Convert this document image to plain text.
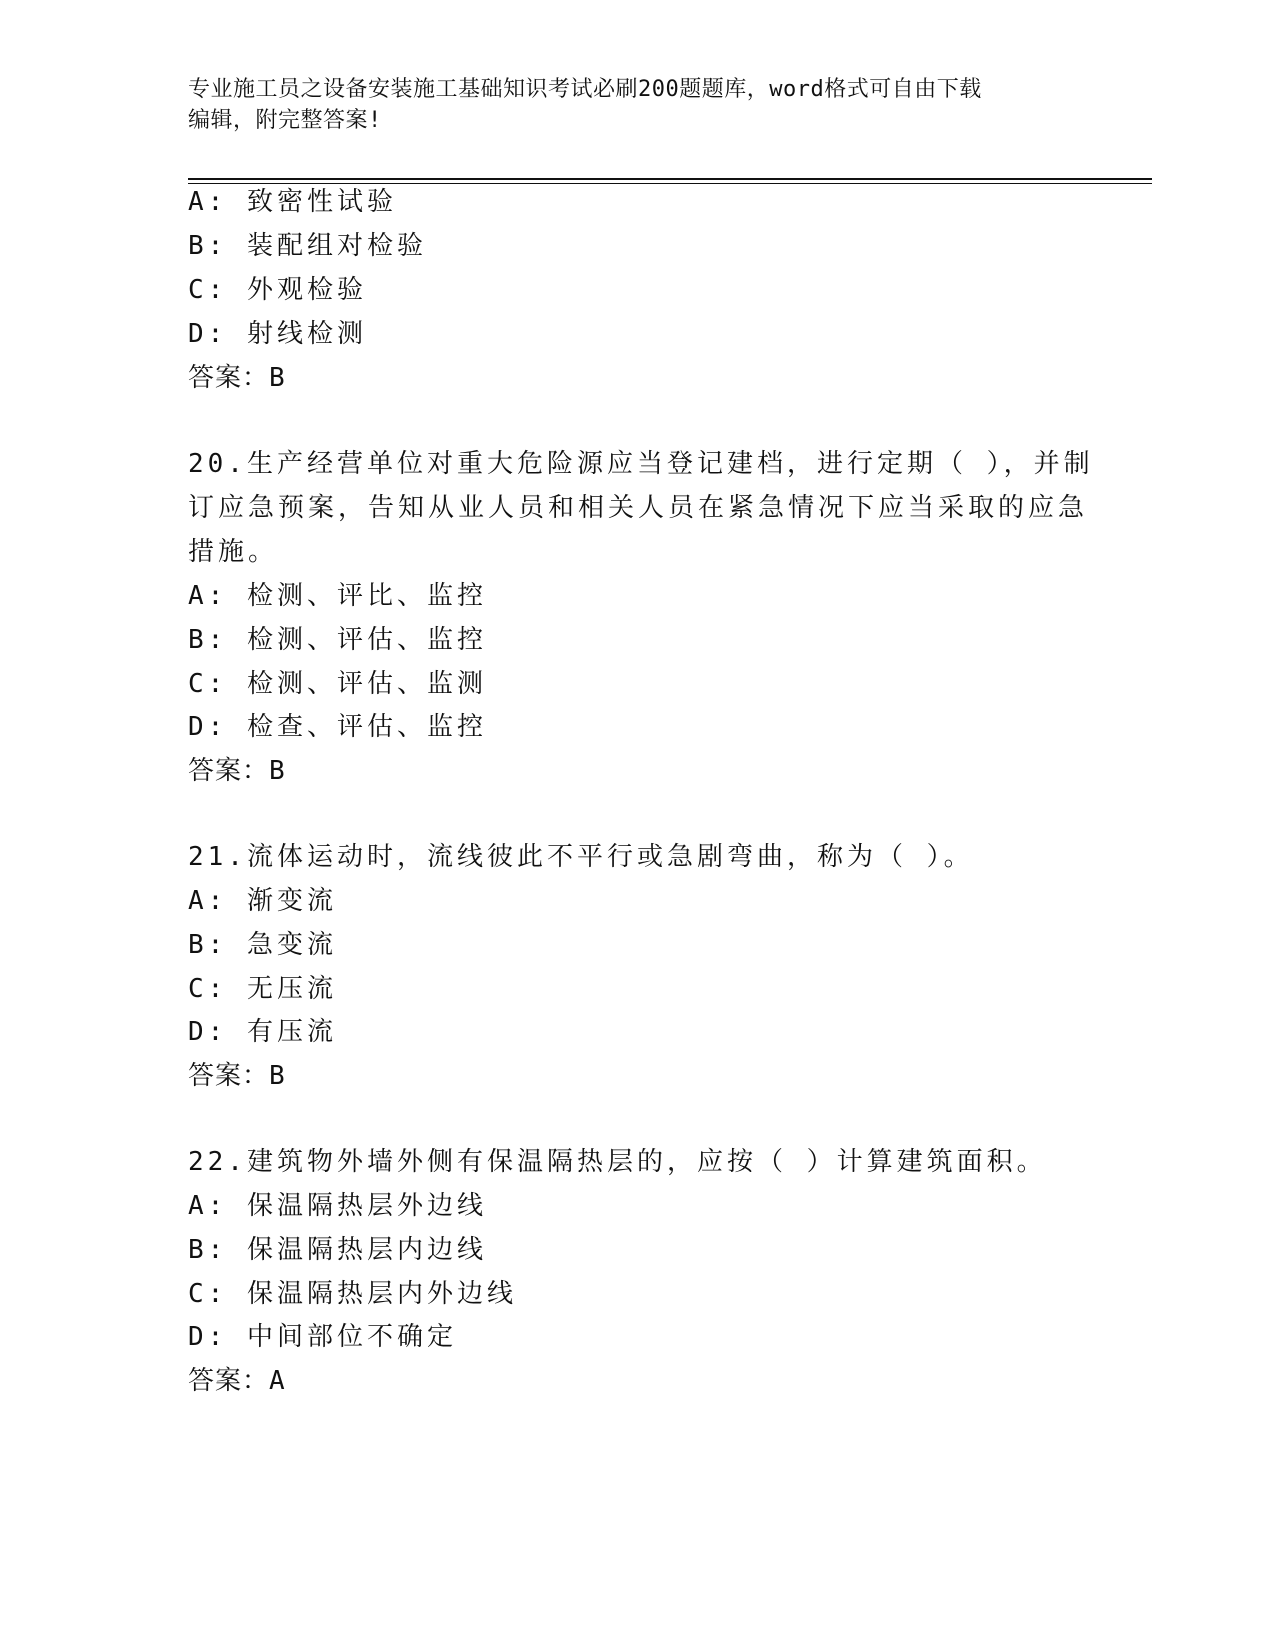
专业施工员之设备安装施工基础知识考试必刷200题题库，word格式可自由下载
编辑，附完整答案!
A: 致密性试验
B: 装配组对检验
C: 外观检验
D: 射线检测
答案：B
20.生产经营单位对重大危险源应当登记建档，进行定期（ ），并制
订应急预案，告知从业人员和相关人员在紧急情况下应当采取的应急
措施。
A: 检测、评比、监控
B: 检测、评估、监控
C: 检测、评估、监测
D: 检查、评估、监控
答案：B
21.流体运动时，流线彼此不平行或急剧弯曲，称为（ ）。
A: 渐变流
B: 急变流
C: 无压流
D: 有压流
答案：B
22.建筑物外墙外侧有保温隔热层的，应按（ ）计算建筑面积。
A: 保温隔热层外边线
B: 保温隔热层内边线
C: 保温隔热层内外边线
D: 中间部位不确定
答案：A
